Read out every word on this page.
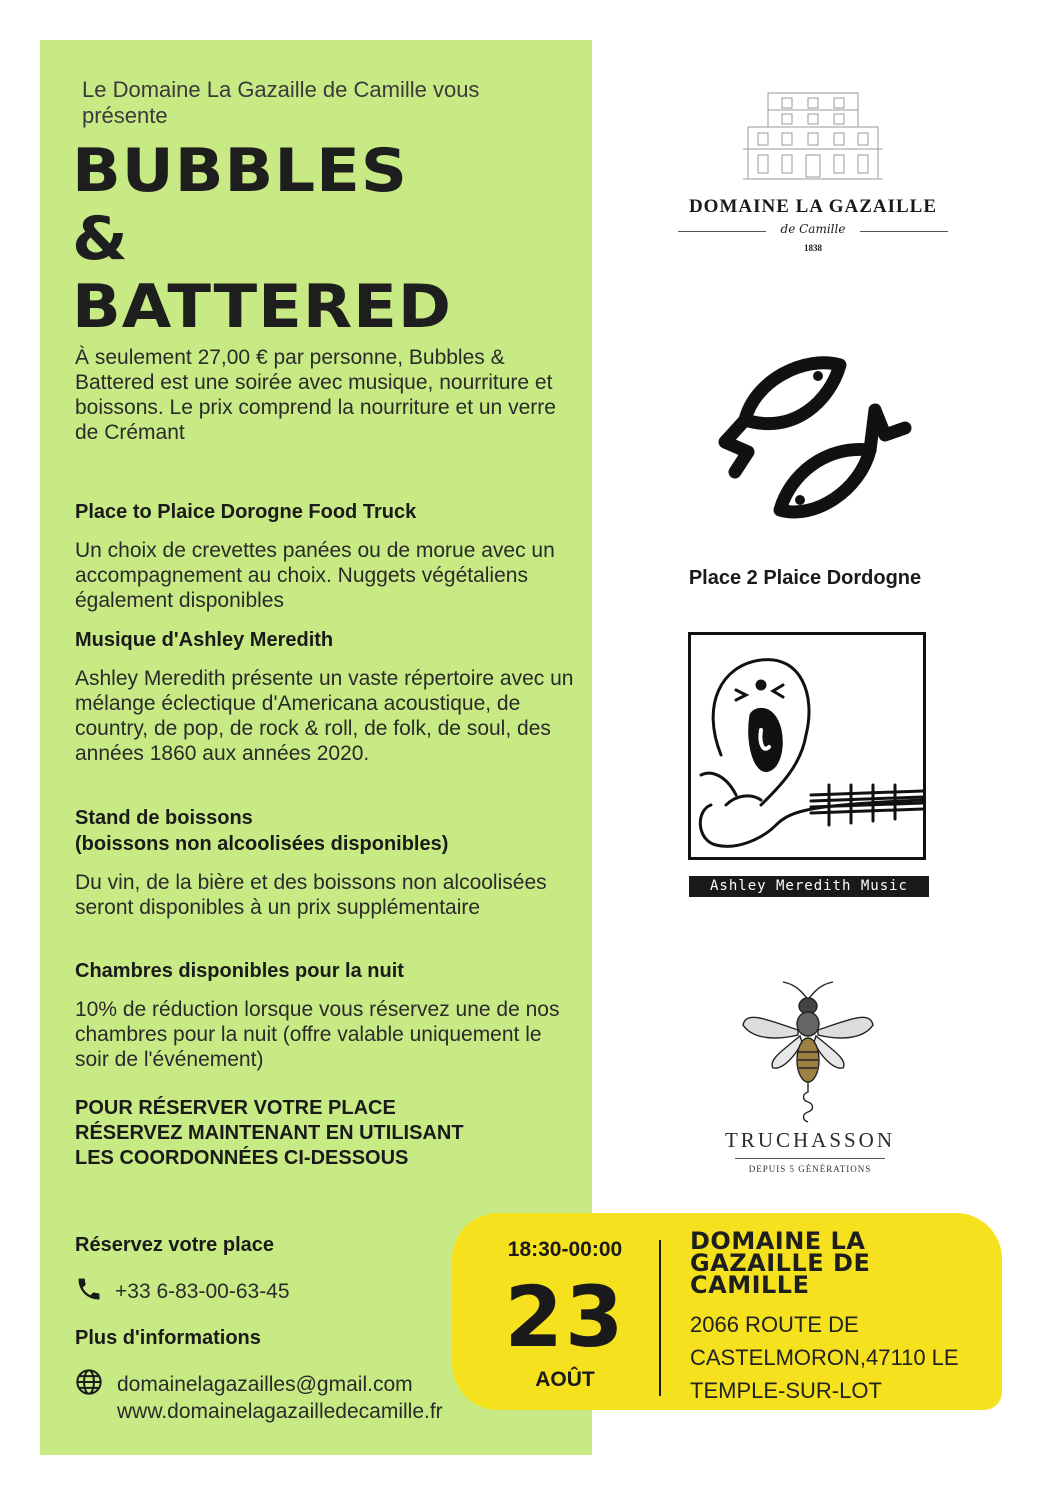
Le Domaine La Gazaille de Camille vous présente
BUBBLES
&
BATTERED
À seulement 27,00 € par personne, Bubbles & Battered est une soirée avec musique, nourriture et boissons. Le prix comprend la nourriture et un verre de Crémant
Place to Plaice Dorogne Food Truck
Un choix de crevettes panées ou de morue avec un accompagnement au choix. Nuggets végétaliens également disponibles
Musique d'Ashley Meredith
Ashley Meredith présente un vaste répertoire avec un mélange éclectique d'Americana acoustique, de country, de pop, de rock & roll, de folk, de soul, des années 1860 aux années 2020.
Stand de boissons
(boissons non alcoolisées disponibles)
Du vin, de la bière et des boissons non alcoolisées seront disponibles à un prix supplémentaire
Chambres disponibles pour la nuit
10% de réduction lorsque vous réservez une de nos chambres pour la nuit (offre valable uniquement le soir de l'événement)
POUR RÉSERVER VOTRE PLACE RÉSERVEZ MAINTENANT EN UTILISANT LES COORDONNÉES CI-DESSOUS
Réservez votre place
+33 6-83-00-63-45
Plus d'informations
domainelagazailles@gmail.com
www.domainelagazailledecamille.fr
DOMAINE LA GAZAILLE
de Camille
1838
Place 2 Plaice Dordogne
Ashley Meredith Music
TRUCHASSON
DEPUIS 5 GÉNÉRATIONS
18:30-00:00
23
AOÛT
DOMAINE LA GAZAILLE DE CAMILLE
2066 ROUTE DE
CASTELMORON,47110 LE
TEMPLE-SUR-LOT
